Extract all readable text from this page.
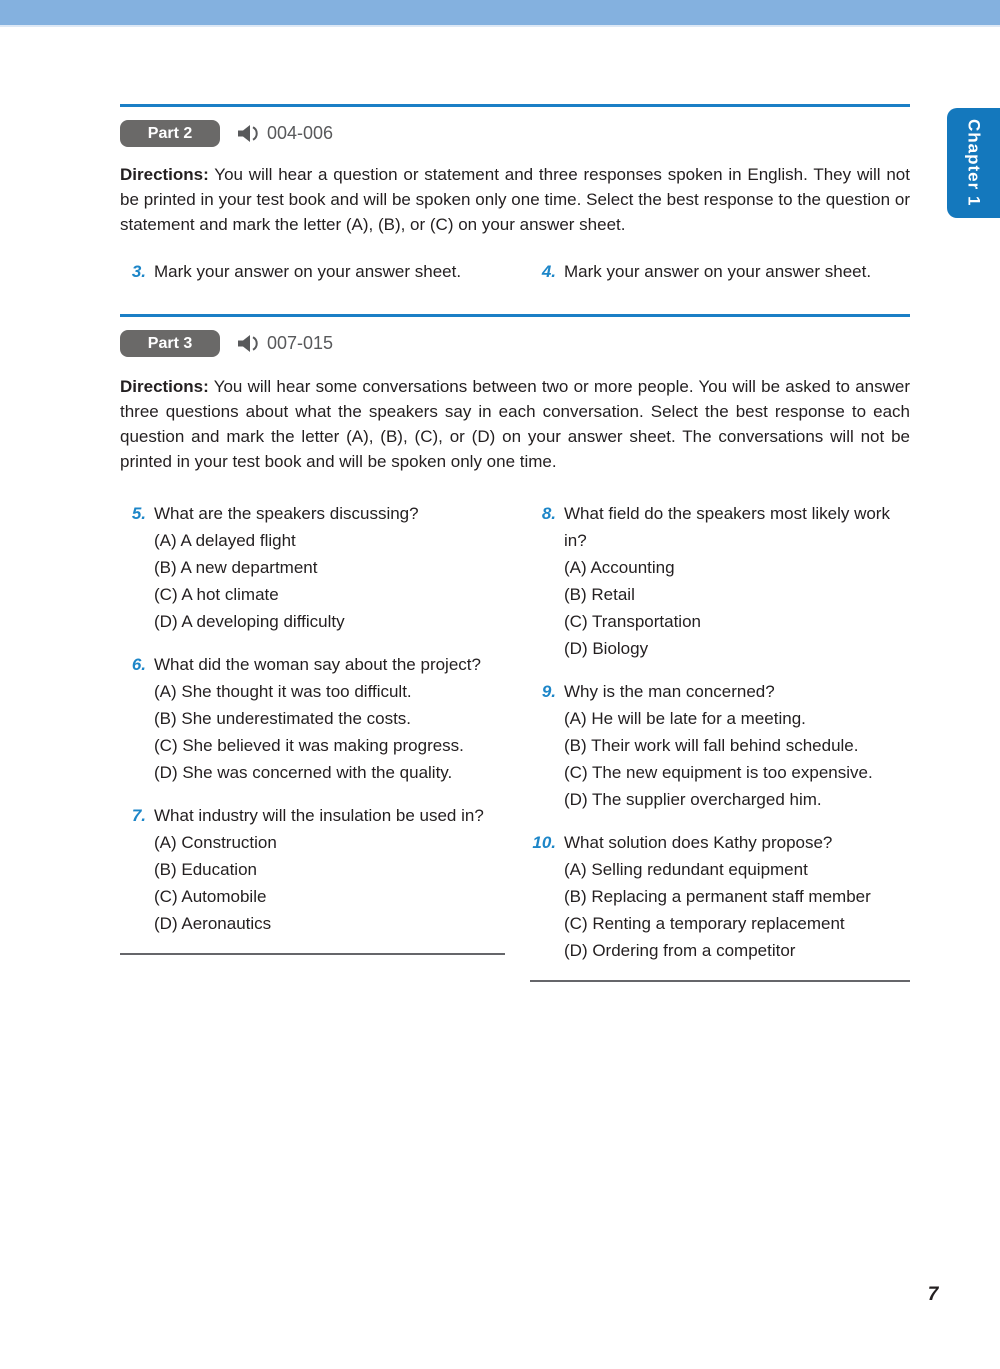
Chapter 1
Part 2	004-006

Directions: You will hear a question or statement and three responses spoken in English. They will not be printed in your test book and will be spoken only one time. Select the best response to the question or statement and mark the letter (A), (B), or (C) on your answer sheet.

3. Mark your answer on your answer sheet.	4. Mark your answer on your answer sheet.
Part 3	007-015

Directions: You will hear some conversations between two or more people. You will be asked to answer three questions about what the speakers say in each conversation. Select the best response to each question and mark the letter (A), (B), (C), or (D) on your answer sheet. The conversations will not be printed in your test book and will be spoken only one time.

5. What are the speakers discussing?
(A) A delayed flight
(B) A new department
(C) A hot climate
(D) A developing difficulty
6. What did the woman say about the project?
(A) She thought it was too difficult.
(B) She underestimated the costs.
(C) She believed it was making progress.
(D) She was concerned with the quality.
7. What industry will the insulation be used in?
(A) Construction
(B) Education
(C) Automobile
(D) Aeronautics
8. What field do the speakers most likely work in?
(A) Accounting
(B) Retail
(C) Transportation
(D) Biology
9. Why is the man concerned?
(A) He will be late for a meeting.
(B) Their work will fall behind schedule.
(C) The new equipment is too expensive.
(D) The supplier overcharged him.
10. What solution does Kathy propose?
(A) Selling redundant equipment
(B) Replacing a permanent staff member
(C) Renting a temporary replacement
(D) Ordering from a competitor
7
